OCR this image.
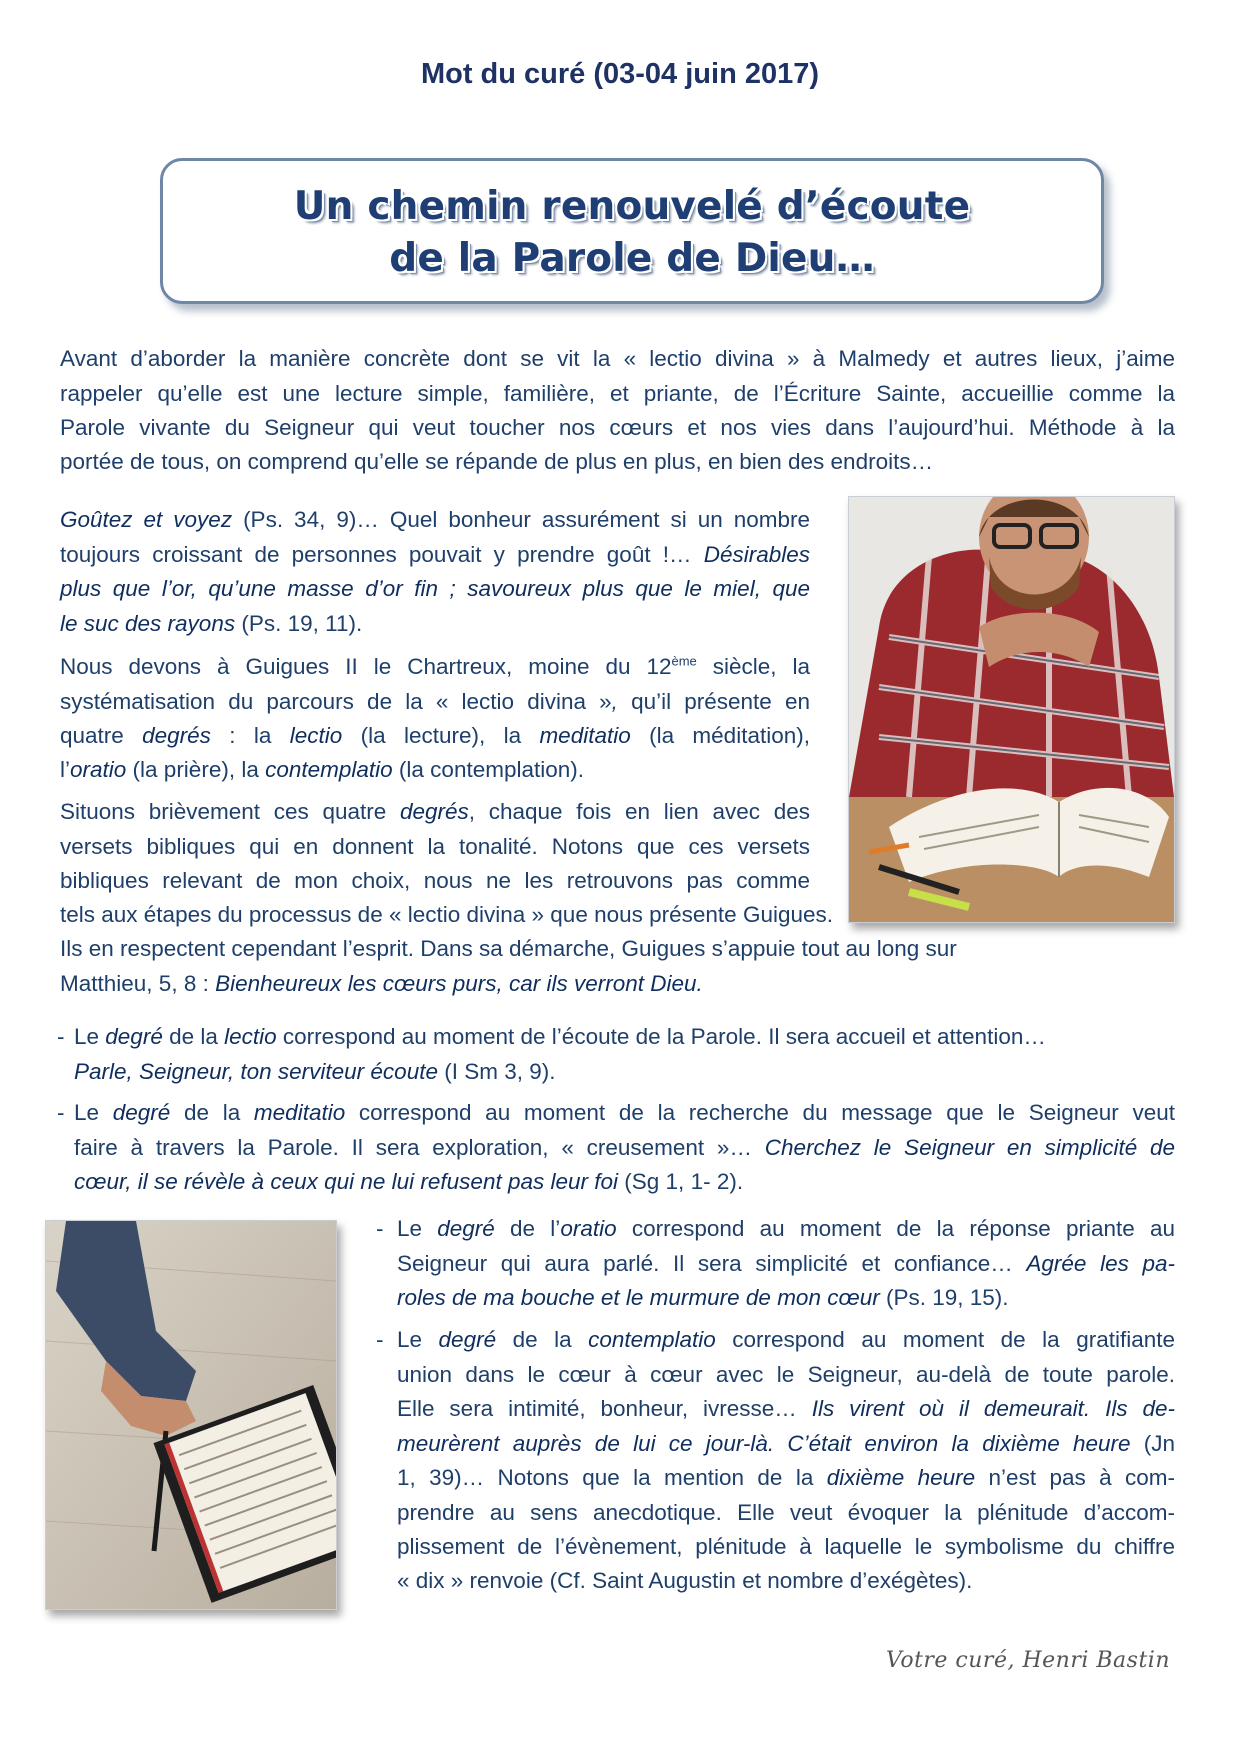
Mot du curé (03-04 juin 2017)
Un chemin renouvelé d’écoute
de la Parole de Dieu…
Avant d’aborder la manière concrète dont se vit la « lectio divina » à Malmedy et autres lieux, j’aime
rappeler qu’elle est une lecture simple, familière, et priante, de l’Écriture Sainte, accueillie comme la
Parole vivante du Seigneur qui veut toucher nos cœurs et nos vies dans l’aujourd’hui. Méthode à la
portée de tous, on comprend qu’elle se répande de plus en plus, en bien des endroits…
Goûtez et voyez (Ps. 34, 9)… Quel bonheur assurément si un nombre
toujours croissant de personnes pouvait y prendre goût !… Désirables
plus que l’or, qu’une masse d’or fin ; savoureux plus que le miel, que
le suc des rayons (Ps. 19, 11).
Nous devons à Guigues II le Chartreux, moine du 12ème siècle, la
systématisation du parcours de la « lectio divina », qu’il présente en
quatre degrés : la lectio (la lecture), la meditatio (la méditation),
l’oratio (la prière), la contemplatio (la contemplation).
Situons brièvement ces quatre degrés, chaque fois en lien avec des
versets bibliques qui en donnent la tonalité. Notons que ces versets
bibliques relevant de mon choix, nous ne les retrouvons pas comme
tels aux étapes du processus de « lectio divina » que nous présente Guigues.
Ils en respectent cependant l’esprit. Dans sa démarche, Guigues s’appuie tout au long sur
Matthieu, 5, 8 : Bienheureux les cœurs purs, car ils verront Dieu.
- Le degré de la lectio correspond au moment de l’écoute de la Parole. Il sera accueil et attention…
Parle, Seigneur, ton serviteur écoute (I Sm 3, 9).
- Le degré de la meditatio correspond au moment de la recherche du message que le Seigneur veut
faire à travers la Parole. Il sera exploration, « creusement »… Cherchez le Seigneur en simplicité de
cœur, il se révèle à ceux qui ne lui refusent pas leur foi (Sg 1, 1- 2).
- Le degré de l’oratio correspond au moment de la réponse priante au
Seigneur qui aura parlé. Il sera simplicité et confiance… Agrée les pa-
roles de ma bouche et le murmure de mon cœur (Ps. 19, 15).
- Le degré de la contemplatio correspond au moment de la gratifiante
union dans le cœur à cœur avec le Seigneur, au-delà de toute parole.
Elle sera intimité, bonheur, ivresse… Ils virent où il demeurait. Ils de-
meurèrent auprès de lui ce jour-là. C’était environ la dixième heure (Jn
1, 39)… Notons que la mention de la dixième heure n’est pas à com-
prendre au sens anecdotique. Elle veut évoquer la plénitude d’accom-
plissement de l’évènement, plénitude à laquelle le symbolisme du chiffre
« dix » renvoie (Cf. Saint Augustin et nombre d’exégètes).
Votre curé, Henri Bastin
